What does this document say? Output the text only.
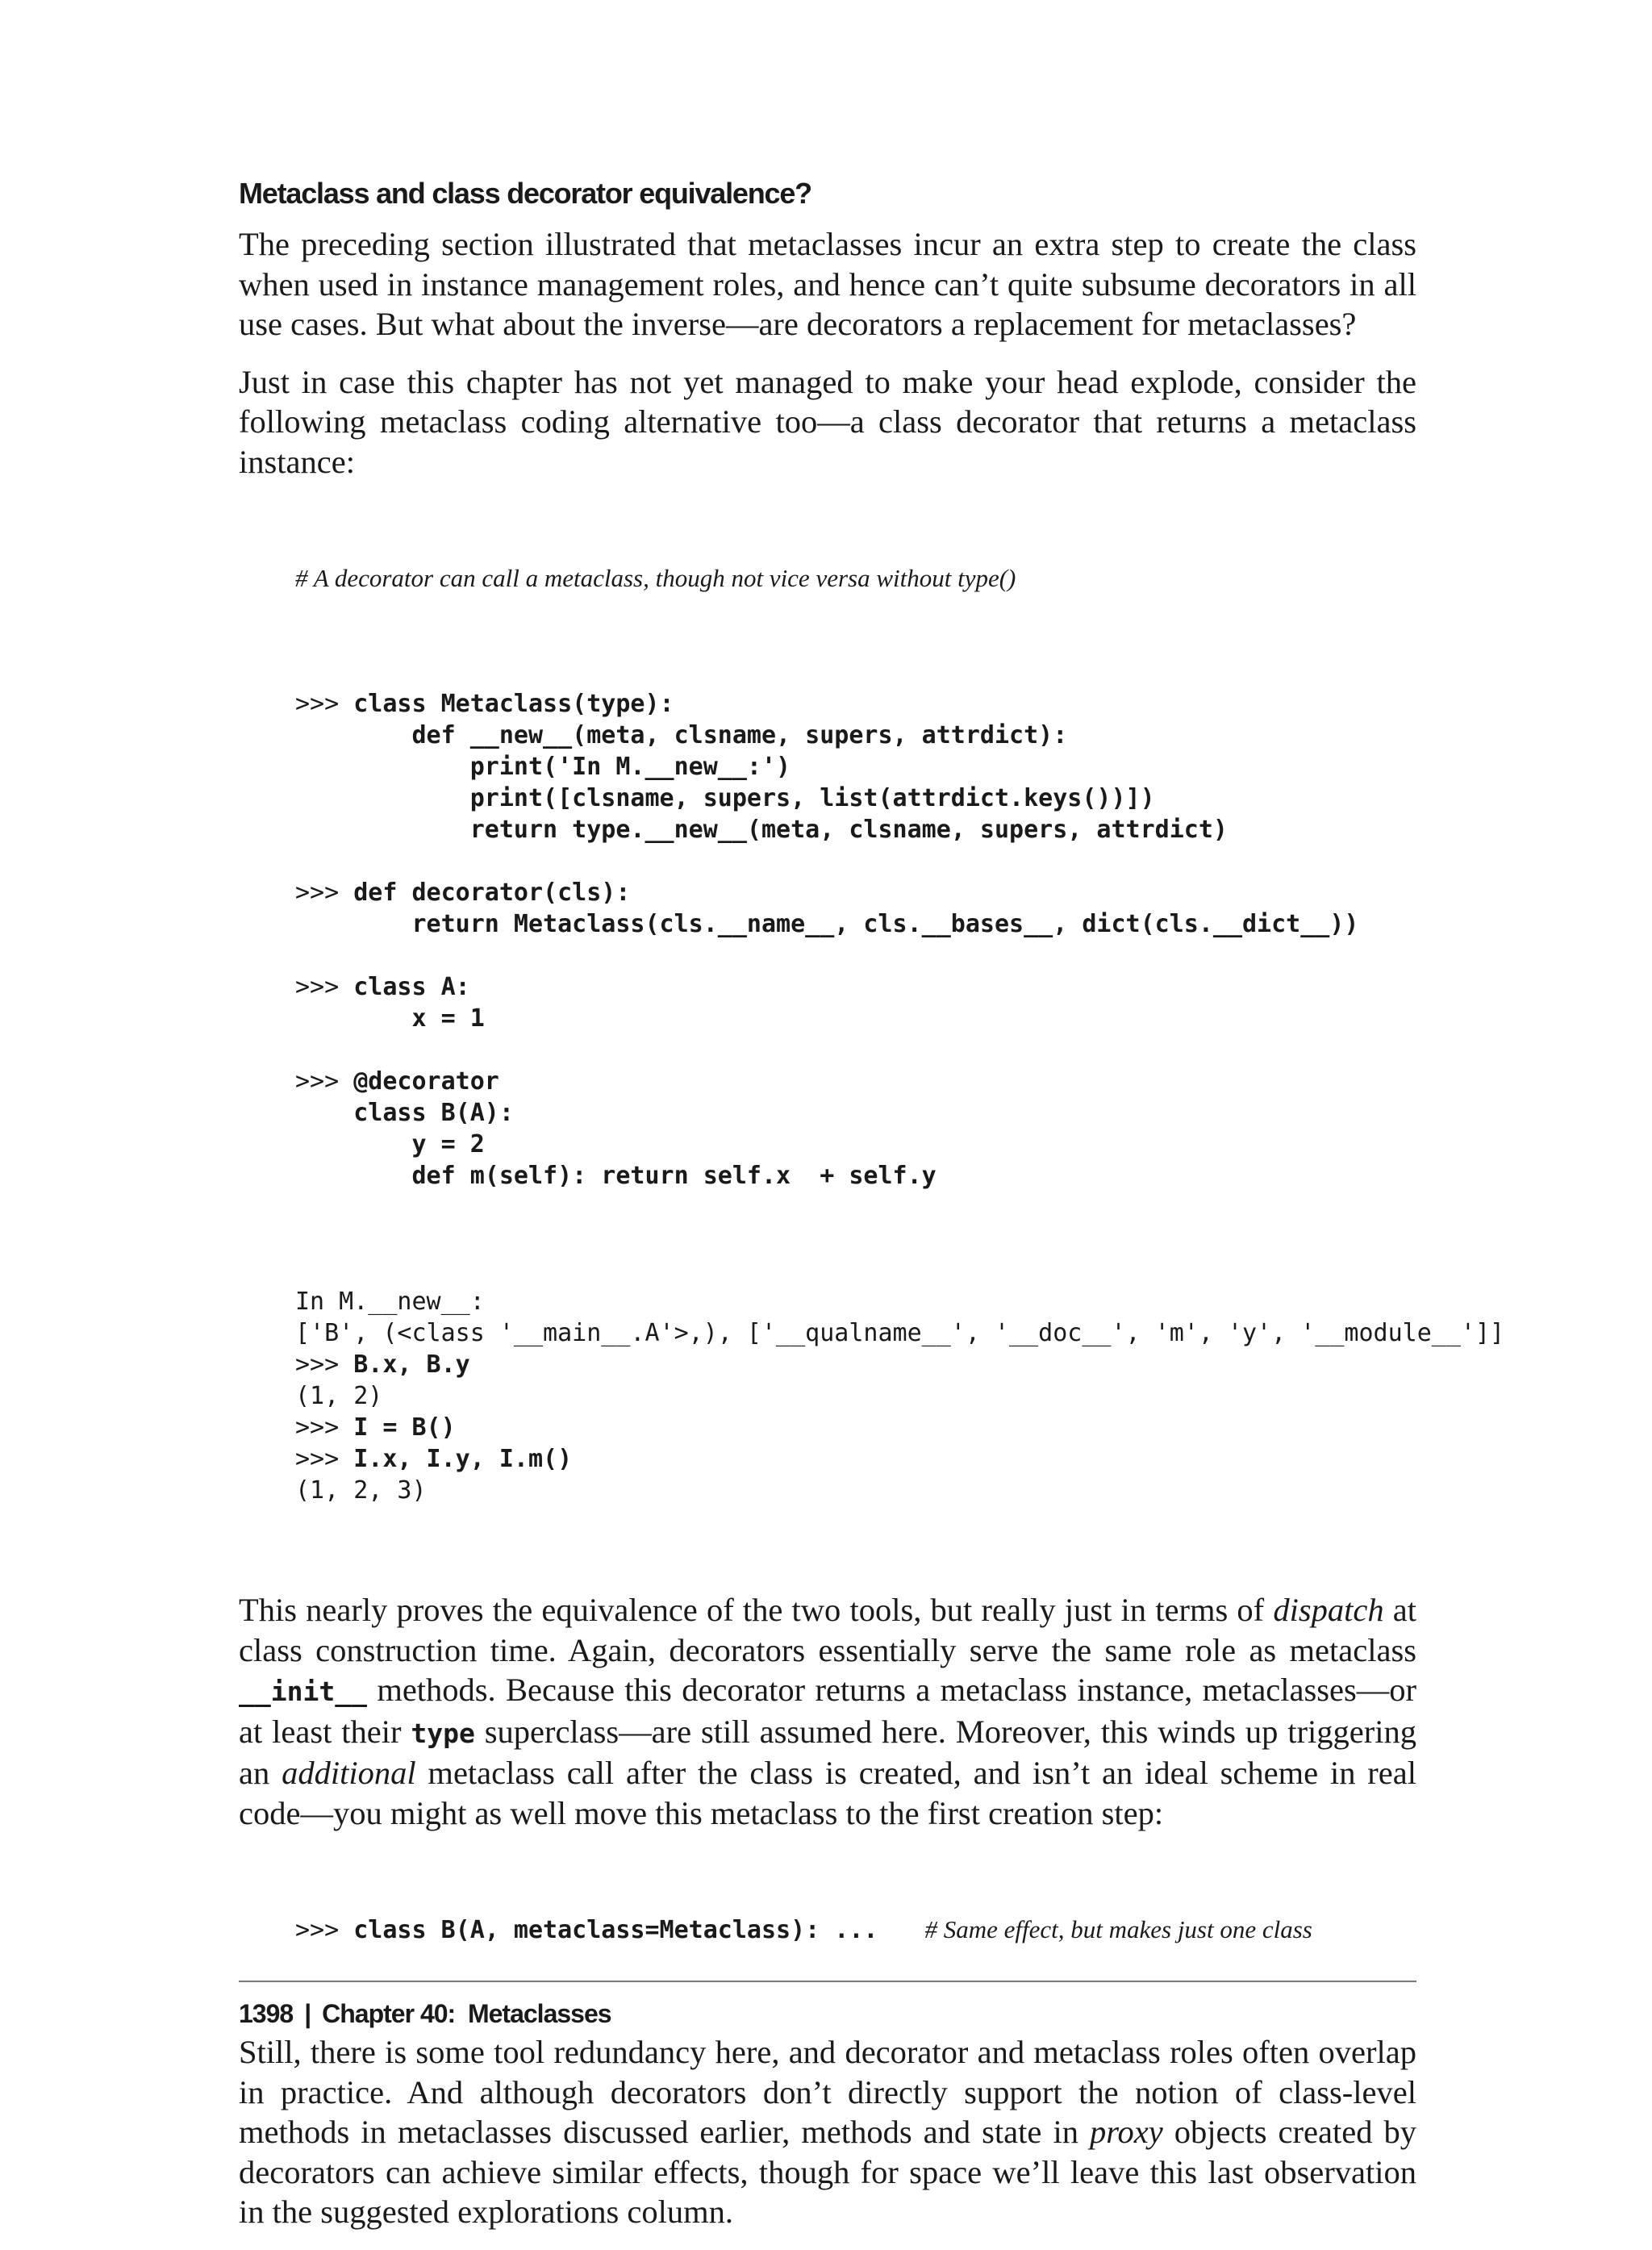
Metaclass and class decorator equivalence?

The preceding section illustrated that metaclasses incur an extra step to create the class when used in instance management roles, and hence can’t quite subsume decorators in all use cases. But what about the inverse—are decorators a replacement for metaclasses?

Just in case this chapter has not yet managed to make your head explode, consider the following metaclass coding alternative too—a class decorator that returns a metaclass instance:

# A decorator can call a metaclass, though not vice versa without type()

>>> class Metaclass(type):
def __new__(meta, clsname, supers, attrdict):
print('In M.__new__:')
print([clsname, supers, list(attrdict.keys())])
return type.__new__(meta, clsname, supers, attrdict)
>>> def decorator(cls):
return Metaclass(cls.__name__, cls.__bases__, dict(cls.__dict__))
>>> class A:
x = 1
>>> @decorator
class B(A):
y = 2
def m(self): return self.x  + self.y

In M.__new__:
['B', (<class '__main__.A'>,), ['__qualname__', '__doc__', 'm', 'y', '__module__']]
>>> B.x, B.y
(1, 2)
>>> I = B()
>>> I.x, I.y, I.m()
(1, 2, 3)

This nearly proves the equivalence of the two tools, but really just in terms of dispatch at class construction time. Again, decorators essentially serve the same role as metaclass __init__ methods. Because this decorator returns a metaclass instance, metaclasses—or at least their type superclass—are still assumed here. Moreover, this winds up triggering an additional metaclass call after the class is created, and isn’t an ideal scheme in real code—you might as well move this metaclass to the first creation step:

>>> class B(A, metaclass=Metaclass): ... # Same effect, but makes just one class

Still, there is some tool redundancy here, and decorator and metaclass roles often overlap in practice. And although decorators don’t directly support the notion of class-level methods in metaclasses discussed earlier, methods and state in proxy objects created by decorators can achieve similar effects, though for space we’ll leave this last observation in the suggested explorations column.

1398 | Chapter 40:  Metaclasses
